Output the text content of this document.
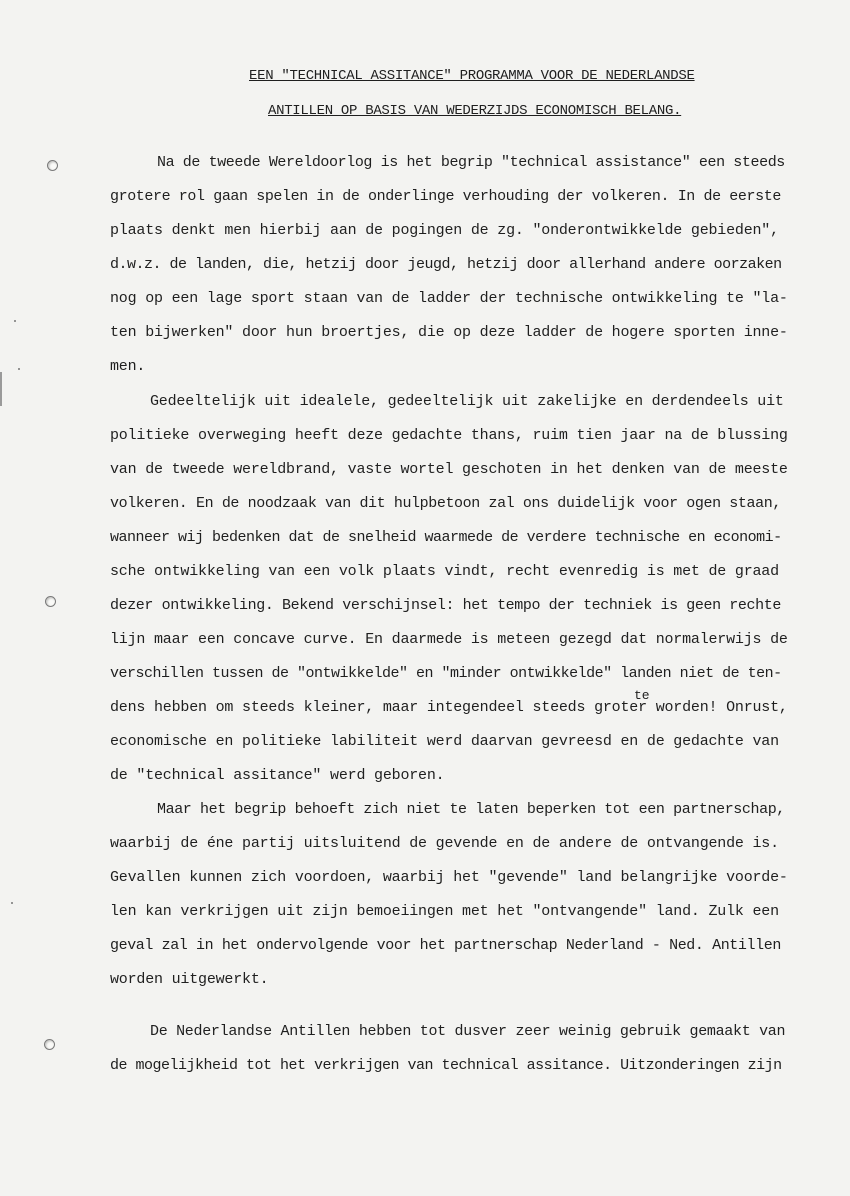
EEN "TECHNICAL ASSITANCE" PROGRAMMA VOOR DE NEDERLANDSE
ANTILLEN OP BASIS VAN WEDERZIJDS ECONOMISCH BELANG.
Na de tweede Wereldoorlog is het begrip "technical assistance" een steeds
grotere rol gaan spelen in de onderlinge verhouding der volkeren. In de eerste
plaats denkt men hierbij aan de pogingen de zg. "onderontwikkelde gebieden",
d.w.z. de landen, die, hetzij door jeugd, hetzij door allerhand andere oorzaken
nog op een lage sport staan van de ladder der technische ontwikkeling te "la-
ten bijwerken" door hun broertjes, die op deze ladder de hogere sporten inne-
men.
Gedeeltelijk uit idealele, gedeeltelijk uit zakelijke en derdendeels uit
politieke overweging heeft deze gedachte thans, ruim tien jaar na de blussing
van de tweede wereldbrand, vaste wortel geschoten in het denken van de meeste
volkeren. En de noodzaak van dit hulpbetoon zal ons duidelijk voor ogen staan,
wanneer wij bedenken dat de snelheid waarmede de verdere technische en economi-
sche ontwikkeling van een volk plaats vindt, recht evenredig is met de graad
dezer ontwikkeling. Bekend verschijnsel: het tempo der techniek is geen rechte
lijn maar een concave curve. En daarmede is meteen gezegd dat normalerwijs de
verschillen tussen de "ontwikkelde" en "minder ontwikkelde" landen niet de ten-
te
dens hebben om steeds kleiner, maar integendeel steeds groter worden! Onrust,
economische en politieke labiliteit werd daarvan gevreesd en de gedachte van
de "technical assitance" werd geboren.
Maar het begrip behoeft zich niet te laten beperken tot een partnerschap,
waarbij de éne partij uitsluitend de gevende en de andere de ontvangende is.
Gevallen kunnen zich voordoen, waarbij het "gevende" land belangrijke voorde-
len kan verkrijgen uit zijn bemoeiingen met het "ontvangende" land. Zulk een
geval zal in het ondervolgende voor het partnerschap Nederland - Ned. Antillen
worden uitgewerkt.
De Nederlandse Antillen hebben tot dusver zeer weinig gebruik gemaakt van
de mogelijkheid tot het verkrijgen van technical assitance. Uitzonderingen zijn
